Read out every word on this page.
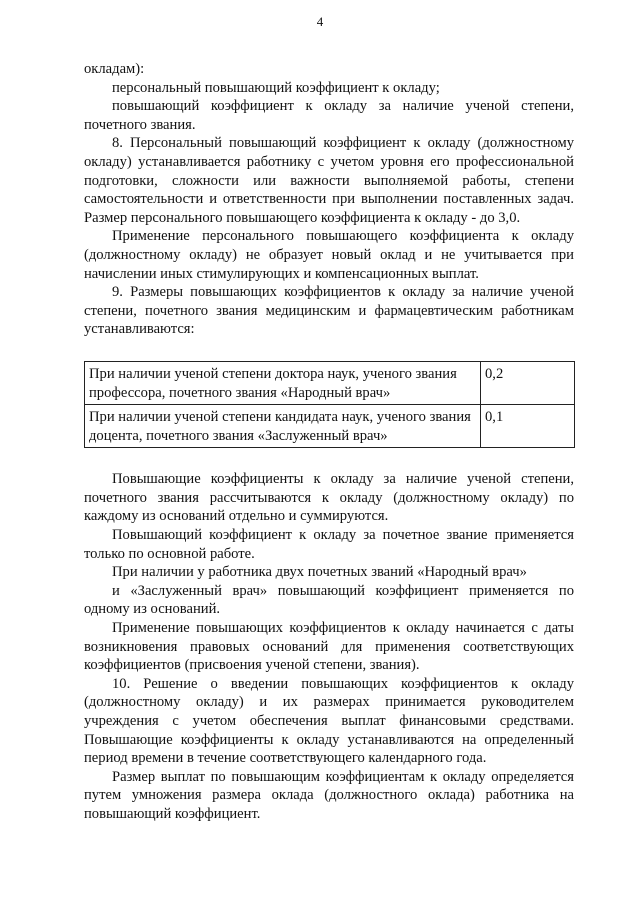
4

окладам):

персональный повышающий коэффициент к окладу;

повышающий коэффициент к окладу за наличие ученой степени, почетного звания.

8. Персональный повышающий коэффициент к окладу (должностному окладу) устанавливается работнику с учетом уровня его профессиональной подготовки, сложности или важности выполняемой работы, степени самостоятельности и ответственности при выполнении поставленных задач. Размер персонального повышающего коэффициента к окладу - до 3,0.

Применение персонального повышающего коэффициента к окладу (должностному окладу) не образует новый оклад и не учитывается при начислении иных стимулирующих и компенсационных выплат.

9. Размеры повышающих коэффициентов к окладу за наличие ученой степени, почетного звания медицинским и фармацевтическим работникам устанавливаются:

При наличии ученой степени доктора наук, ученого звания профессора, почетного звания «Народный врач»	0,2
При наличии ученой степени кандидата наук, ученого звания доцента, почетного звания «Заслуженный врач»	0,1

Повышающие коэффициенты к окладу за наличие ученой степени, почетного звания рассчитываются к окладу (должностному окладу) по каждому из оснований отдельно и суммируются.

Повышающий коэффициент к окладу за почетное звание применяется только по основной работе.

При наличии у работника двух почетных званий «Народный врач»

и «Заслуженный врач» повышающий коэффициент применяется по одному из оснований.

Применение повышающих коэффициентов к окладу начинается с даты возникновения правовых оснований для применения соответствующих коэффициентов (присвоения ученой степени, звания).

10. Решение о введении повышающих коэффициентов к окладу (должностному окладу) и их размерах принимается руководителем учреждения с учетом обеспечения выплат финансовыми средствами. Повышающие коэффициенты к окладу устанавливаются на определенный период времени в течение соответствующего календарного года.

Размер выплат по повышающим коэффициентам к окладу определяется путем умножения размера оклада (должностного оклада) работника на повышающий коэффициент.
